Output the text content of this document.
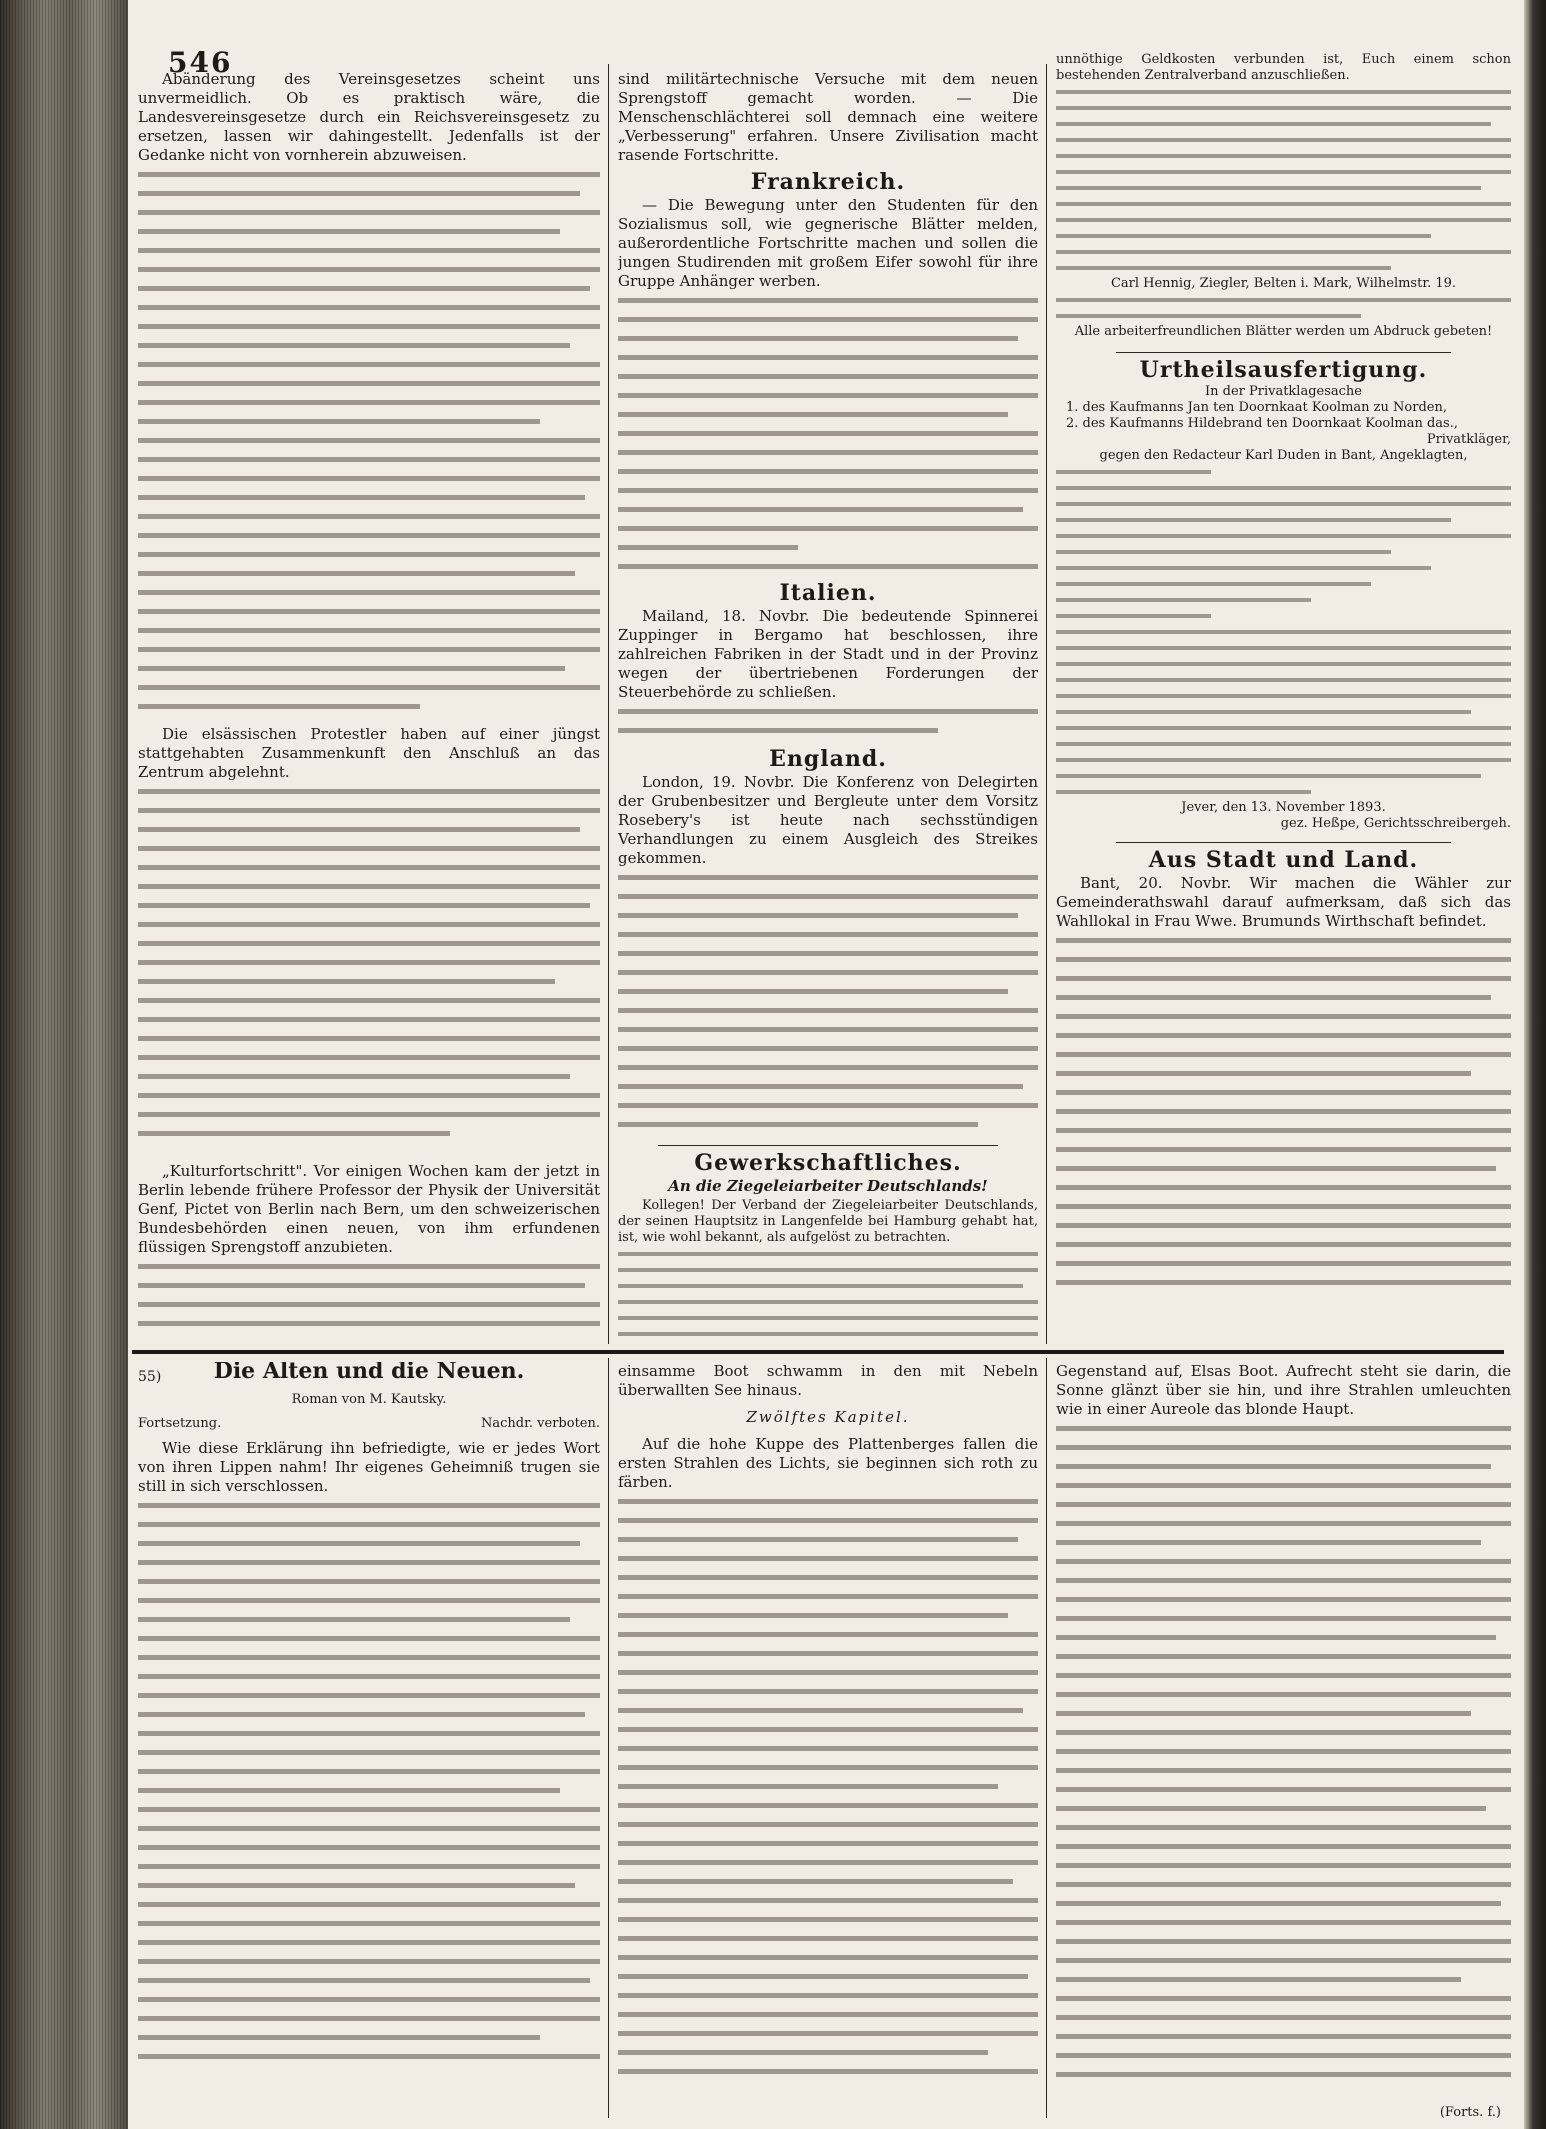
546

Abänderung des Vereinsgesetzes scheint uns unvermeidlich. Ob es praktisch wäre, die Landesvereinsgesetze durch ein Reichsvereinsgesetz zu ersetzen, lassen wir dahingestellt. Jedenfalls ist der Gedanke nicht von vornherein abzuweisen.

Die elsässischen Protestler haben auf einer jüngst stattgehabten Zusammenkunft den Anschluß an das Zentrum abgelehnt.

„Kulturfortschritt". Vor einigen Wochen kam der jetzt in Berlin lebende frühere Professor der Physik der Universität Genf, Pictet von Berlin nach Bern, um den schweizerischen Bundesbehörden einen neuen, von ihm erfundenen flüssigen Sprengstoff anzubieten.

sind militärtechnische Versuche mit dem neuen Sprengstoff gemacht worden. — Die Menschenschlächterei soll demnach eine weitere „Verbesserung" erfahren. Unsere Zivilisation macht rasende Fortschritte.

Frankreich.

— Die Bewegung unter den Studenten für den Sozialismus soll, wie gegnerische Blätter melden, außerordentliche Fortschritte machen und sollen die jungen Studirenden mit großem Eifer sowohl für ihre Gruppe Anhänger werben.

Italien.

Mailand, 18. Novbr. Die bedeutende Spinnerei Zuppinger in Bergamo hat beschlossen, ihre zahlreichen Fabriken in der Stadt und in der Provinz wegen der übertriebenen Forderungen der Steuerbehörde zu schließen.

England.

London, 19. Novbr. Die Konferenz von Delegirten der Grubenbesitzer und Bergleute unter dem Vorsitz Rosebery's ist heute nach sechsstündigen Verhandlungen zu einem Ausgleich des Streikes gekommen.

Gewerkschaftliches.
An die Ziegeleiarbeiter Deutschlands!

Kollegen! Der Verband der Ziegeleiarbeiter Deutschlands, der seinen Hauptsitz in Langenfelde bei Hamburg gehabt hat, ist, wie wohl bekannt, als aufgelöst zu betrachten.

unnöthige Geldkosten verbunden ist, Euch einem schon bestehenden Zentralverband anzuschließen.

Carl Hennig, Ziegler, Belten i. Mark, Wilhelmstr. 19.

Alle arbeiterfreundlichen Blätter werden um Abdruck gebeten!

Urtheilsausfertigung.

In der Privatklagesache

1. des Kaufmanns Jan ten Doornkaat Koolman zu Norden,

2. des Kaufmanns Hildebrand ten Doornkaat Koolman das.,

Privatkläger,

gegen den Redacteur Karl Duden in Bant, Angeklagten,

Jever, den 13. November 1893.

gez. Heßpe, Gerichtsschreibergeh.

Aus Stadt und Land.

Bant, 20. Novbr. Wir machen die Wähler zur Gemeinderathswahl darauf aufmerksam, daß sich das Wahllokal in Frau Wwe. Brumunds Wirthschaft befindet.

55)	Die Alten und die Neuen.
Roman von M. Kautsky.
Fortsetzung.	Nachdr. verboten.

Wie diese Erklärung ihn befriedigte, wie er jedes Wort von ihren Lippen nahm! Ihr eigenes Geheimniß trugen sie still in sich verschlossen.

einsamme Boot schwamm in den mit Nebeln überwallten See hinaus.

Zwölftes Kapitel.

Auf die hohe Kuppe des Plattenberges fallen die ersten Strahlen des Lichts, sie beginnen sich roth zu färben.

Gegenstand auf, Elsas Boot. Aufrecht steht sie darin, die Sonne glänzt über sie hin, und ihre Strahlen umleuchten wie in einer Aureole das blonde Haupt.

(Forts. f.)
